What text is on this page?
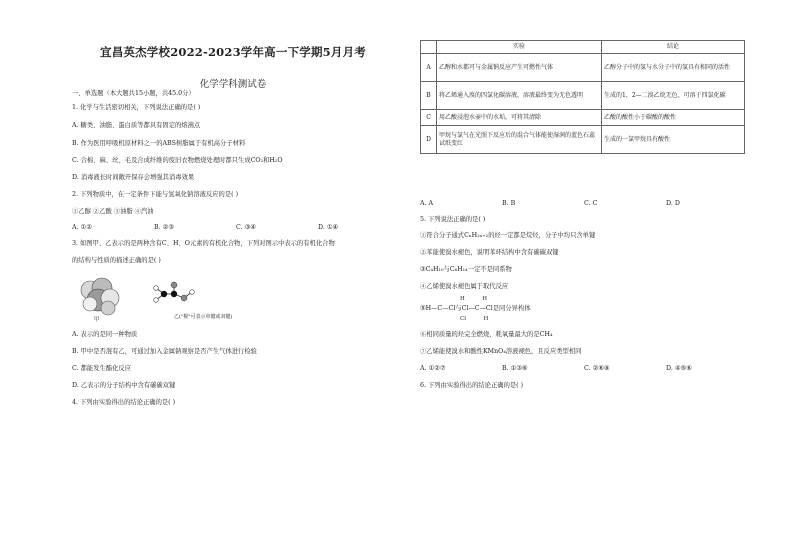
宜昌英杰学校2022-2023学年高一下学期5月月考
化学学科测试卷
一、单选题（本大题共15小题，共45.0分）
1. 化学与生活密切相关，下列说法正确的是( )
A. 糖类、油脂、蛋白质等都具有固定的熔沸点
B. 作为医用呼吸机原材料之一的ABS树脂属于有机高分子材料
C. 合棉、麻、丝、毛及合成纤维的废旧衣物燃烧处理时都只生成CO₂和H₂O
D. 消毒液长时间敞开保存会增强其消毒效果
2. 下列物质中，在一定条件下能与氢氧化钠溶液反应的是( )
①乙醇 ②乙酸 ③油脂 ④汽油
A. ①②	B. ②③	C. ③④	D. ①④
3. 如图甲、乙表示的是两种含有C、H、O元素的有机化合物，下列对图示中表示的有机化合物
的结构与性质的描述正确的是( )
甲	乙("棍"可表示单键或双键)
A. 表示的是同一种物质
B. 甲中是否混有乙，可通过加入金属钠观察是否产生气体进行检验
C. 都能发生酯化反应
D. 乙表示的分子结构中含有碳碳双键
4. 下列由实验得出的结论正确的是( )
	实验	结论
A	乙醇和水都可与金属钠反应产生可燃性气体	乙醇分子中的氢与水分子中的氢具有相同的活性
B	将乙烯通入溴的四氯化碳溶液，溶液最终变为无色透明	生成的1，2—二溴乙烷无色、可溶于四氯化碳
C	用乙酸浸泡水壶中的水垢，可将其清除	乙酸的酸性小于碳酸的酸性
D	甲烷与氯气在光照下反应后的混合气体能使湿润的蓝色石蕊试纸变红	生成的一氯甲烷具有酸性
A. A	B. B	C. C	D. D
5. 下列说法正确的是( )
①符合分子通式CₙH₂ₙ₊₂的烃一定都是烷烃，分子中均只含单键
②苯能使溴水褪色，说明苯环结构中含有碳碳双键
③C₄H₁₀与C₆H₁₄一定不是同系物
④乙烯使溴水褪色属于取代反应
H          H
⑤H—C—Cl与Cl—C—Cl是同分异构体
Cl          H
⑥相同质量的烃完全燃烧，耗氧量最大的是CH₄
⑦乙烯能使溴水和酸性KMnO₄溶液褪色，且反应类型相同
A. ①②⑦	B. ①③⑥	C. ②⑥⑧	D. ④⑤⑥
6. 下列由实验得出的结论正确的是( )
